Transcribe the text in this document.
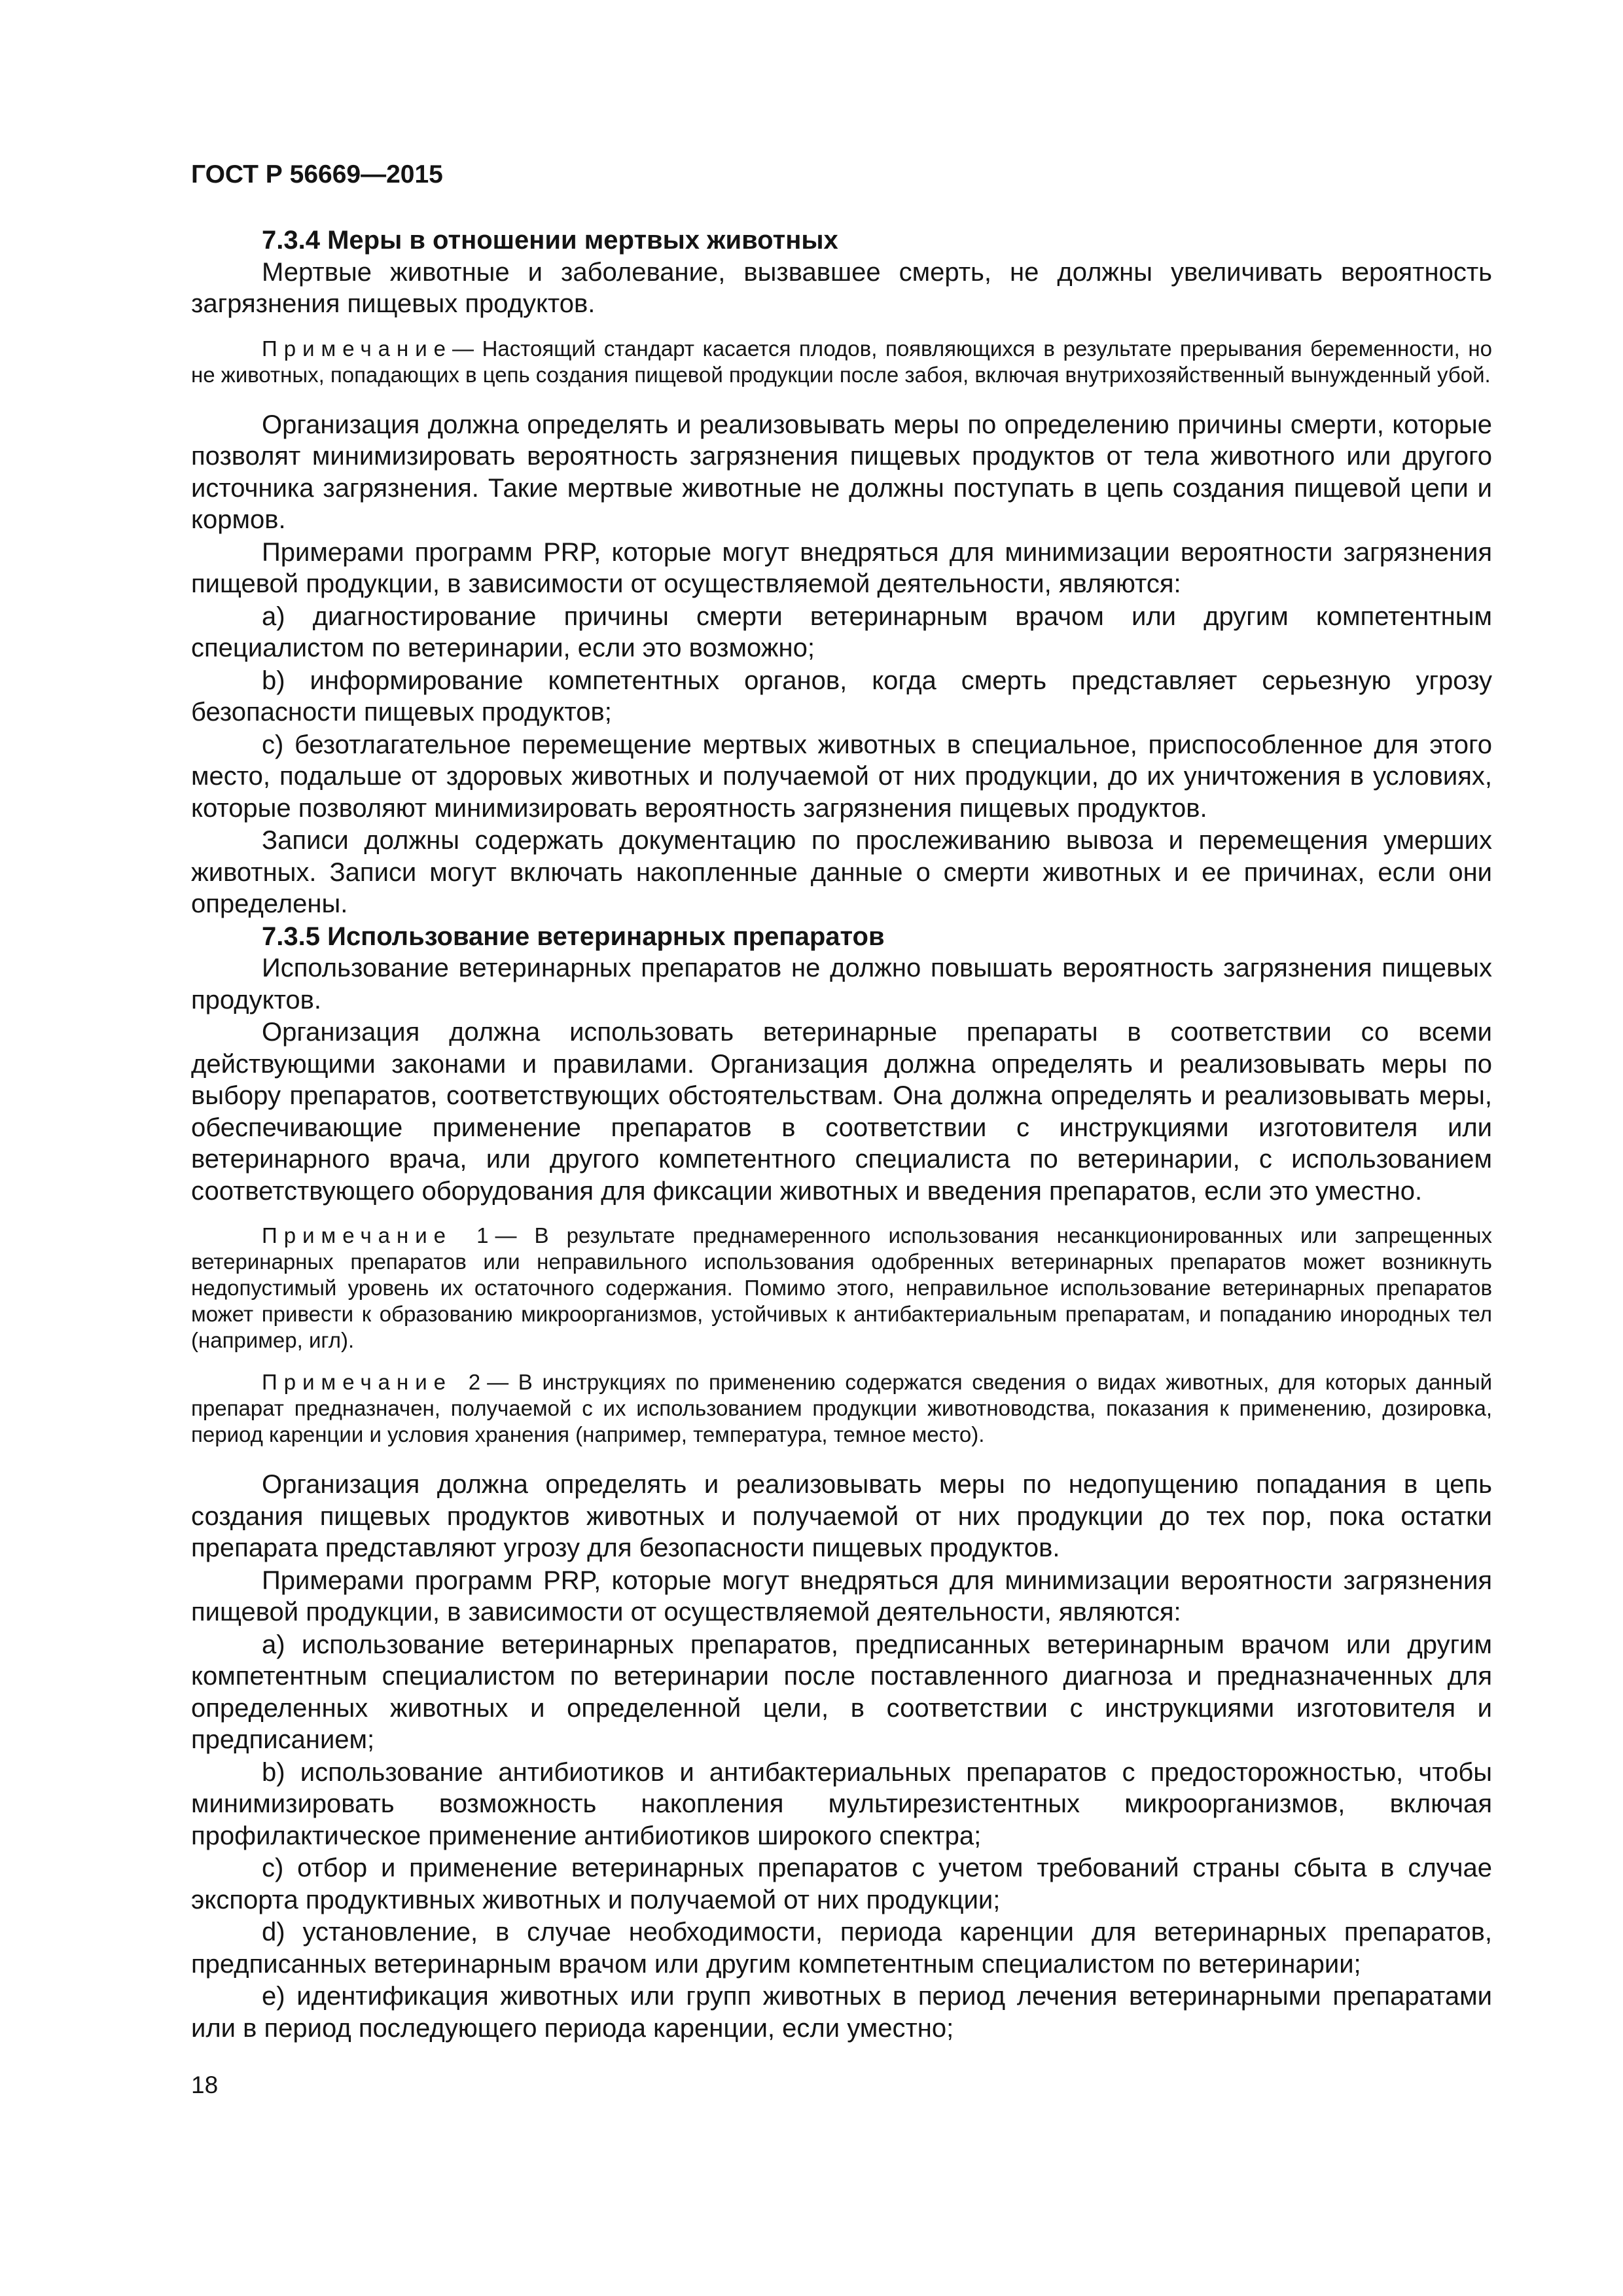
ГОСТ Р 56669—2015

7.3.4 Меры в отношении мертвых животных

Мертвые животные и заболевание, вызвавшее смерть, не должны увеличивать вероятность загрязнения пищевых продуктов.

Примечание— Настоящий стандарт касается плодов, появляющихся в результате прерывания беременности, но не животных, попадающих в цепь создания пищевой продукции после забоя, включая внутрихозяйственный вынужденный убой.

Организация должна определять и реализовывать меры по определению причины смерти, которые позволят минимизировать вероятность загрязнения пищевых продуктов от тела животного или другого источника загрязнения. Такие мертвые животные не должны поступать в цепь создания пищевой цепи и кормов.

Примерами программ PRP, которые могут внедряться для минимизации вероятности загрязнения пищевой продукции, в зависимости от осуществляемой деятельности, являются:

а) диагностирование причины смерти ветеринарным врачом или другим компетентным специалистом по ветеринарии, если это возможно;

b) информирование компетентных органов, когда смерть представляет серьезную угрозу безопасности пищевых продуктов;

c) безотлагательное перемещение мертвых животных в специальное, приспособленное для этого место, подальше от здоровых животных и получаемой от них продукции, до их уничтожения в условиях, которые позволяют минимизировать вероятность загрязнения пищевых продуктов.

Записи должны содержать документацию по прослеживанию вывоза и перемещения умерших животных. Записи могут включать накопленные данные о смерти животных и ее причинах, если они определены.

7.3.5 Использование ветеринарных препаратов

Использование ветеринарных препаратов не должно повышать вероятность загрязнения пищевых продуктов.

Организация должна использовать ветеринарные препараты в соответствии со всеми действующими законами и правилами. Организация должна определять и реализовывать меры по выбору препаратов, соответствующих обстоятельствам. Она должна определять и реализовывать меры, обеспечивающие применение препаратов в соответствии с инструкциями изготовителя или ветеринарного врача, или другого компетентного специалиста по ветеринарии, с использованием соответствующего оборудования для фиксации животных и введения препаратов, если это уместно.

Примечание 1— В результате преднамеренного использования несанкционированных или запрещенных ветеринарных препаратов или неправильного использования одобренных ветеринарных препаратов может возникнуть недопустимый уровень их остаточного содержания. Помимо этого, неправильное использование ветеринарных препаратов может привести к образованию микроорганизмов, устойчивых к антибактериальным препаратам, и попаданию инородных тел (например, игл).

Примечание 2— В инструкциях по применению содержатся сведения о видах животных, для которых данный препарат предназначен, получаемой с их использованием продукции животноводства, показания к применению, дозировка, период каренции и условия хранения (например, температура, темное место).

Организация должна определять и реализовывать меры по недопущению попадания в цепь создания пищевых продуктов животных и получаемой от них продукции до тех пор, пока остатки препарата представляют угрозу для безопасности пищевых продуктов.

Примерами программ PRP, которые могут внедряться для минимизации вероятности загрязнения пищевой продукции, в зависимости от осуществляемой деятельности, являются:

а) использование ветеринарных препаратов, предписанных ветеринарным врачом или другим компетентным специалистом по ветеринарии после поставленного диагноза и предназначенных для определенных животных и определенной цели, в соответствии с инструкциями изготовителя и предписанием;

b) использование антибиотиков и антибактериальных препаратов с предосторожностью, чтобы минимизировать возможность накопления мультирезистентных микроорганизмов, включая профилактическое применение антибиотиков широкого спектра;

c) отбор и применение ветеринарных препаратов с учетом требований страны сбыта в случае экспорта продуктивных животных и получаемой от них продукции;

d) установление, в случае необходимости, периода каренции для ветеринарных препаратов, предписанных ветеринарным врачом или другим компетентным специалистом по ветеринарии;

e) идентификация животных или групп животных в период лечения ветеринарными препаратами или в период последующего периода каренции, если уместно;

18
